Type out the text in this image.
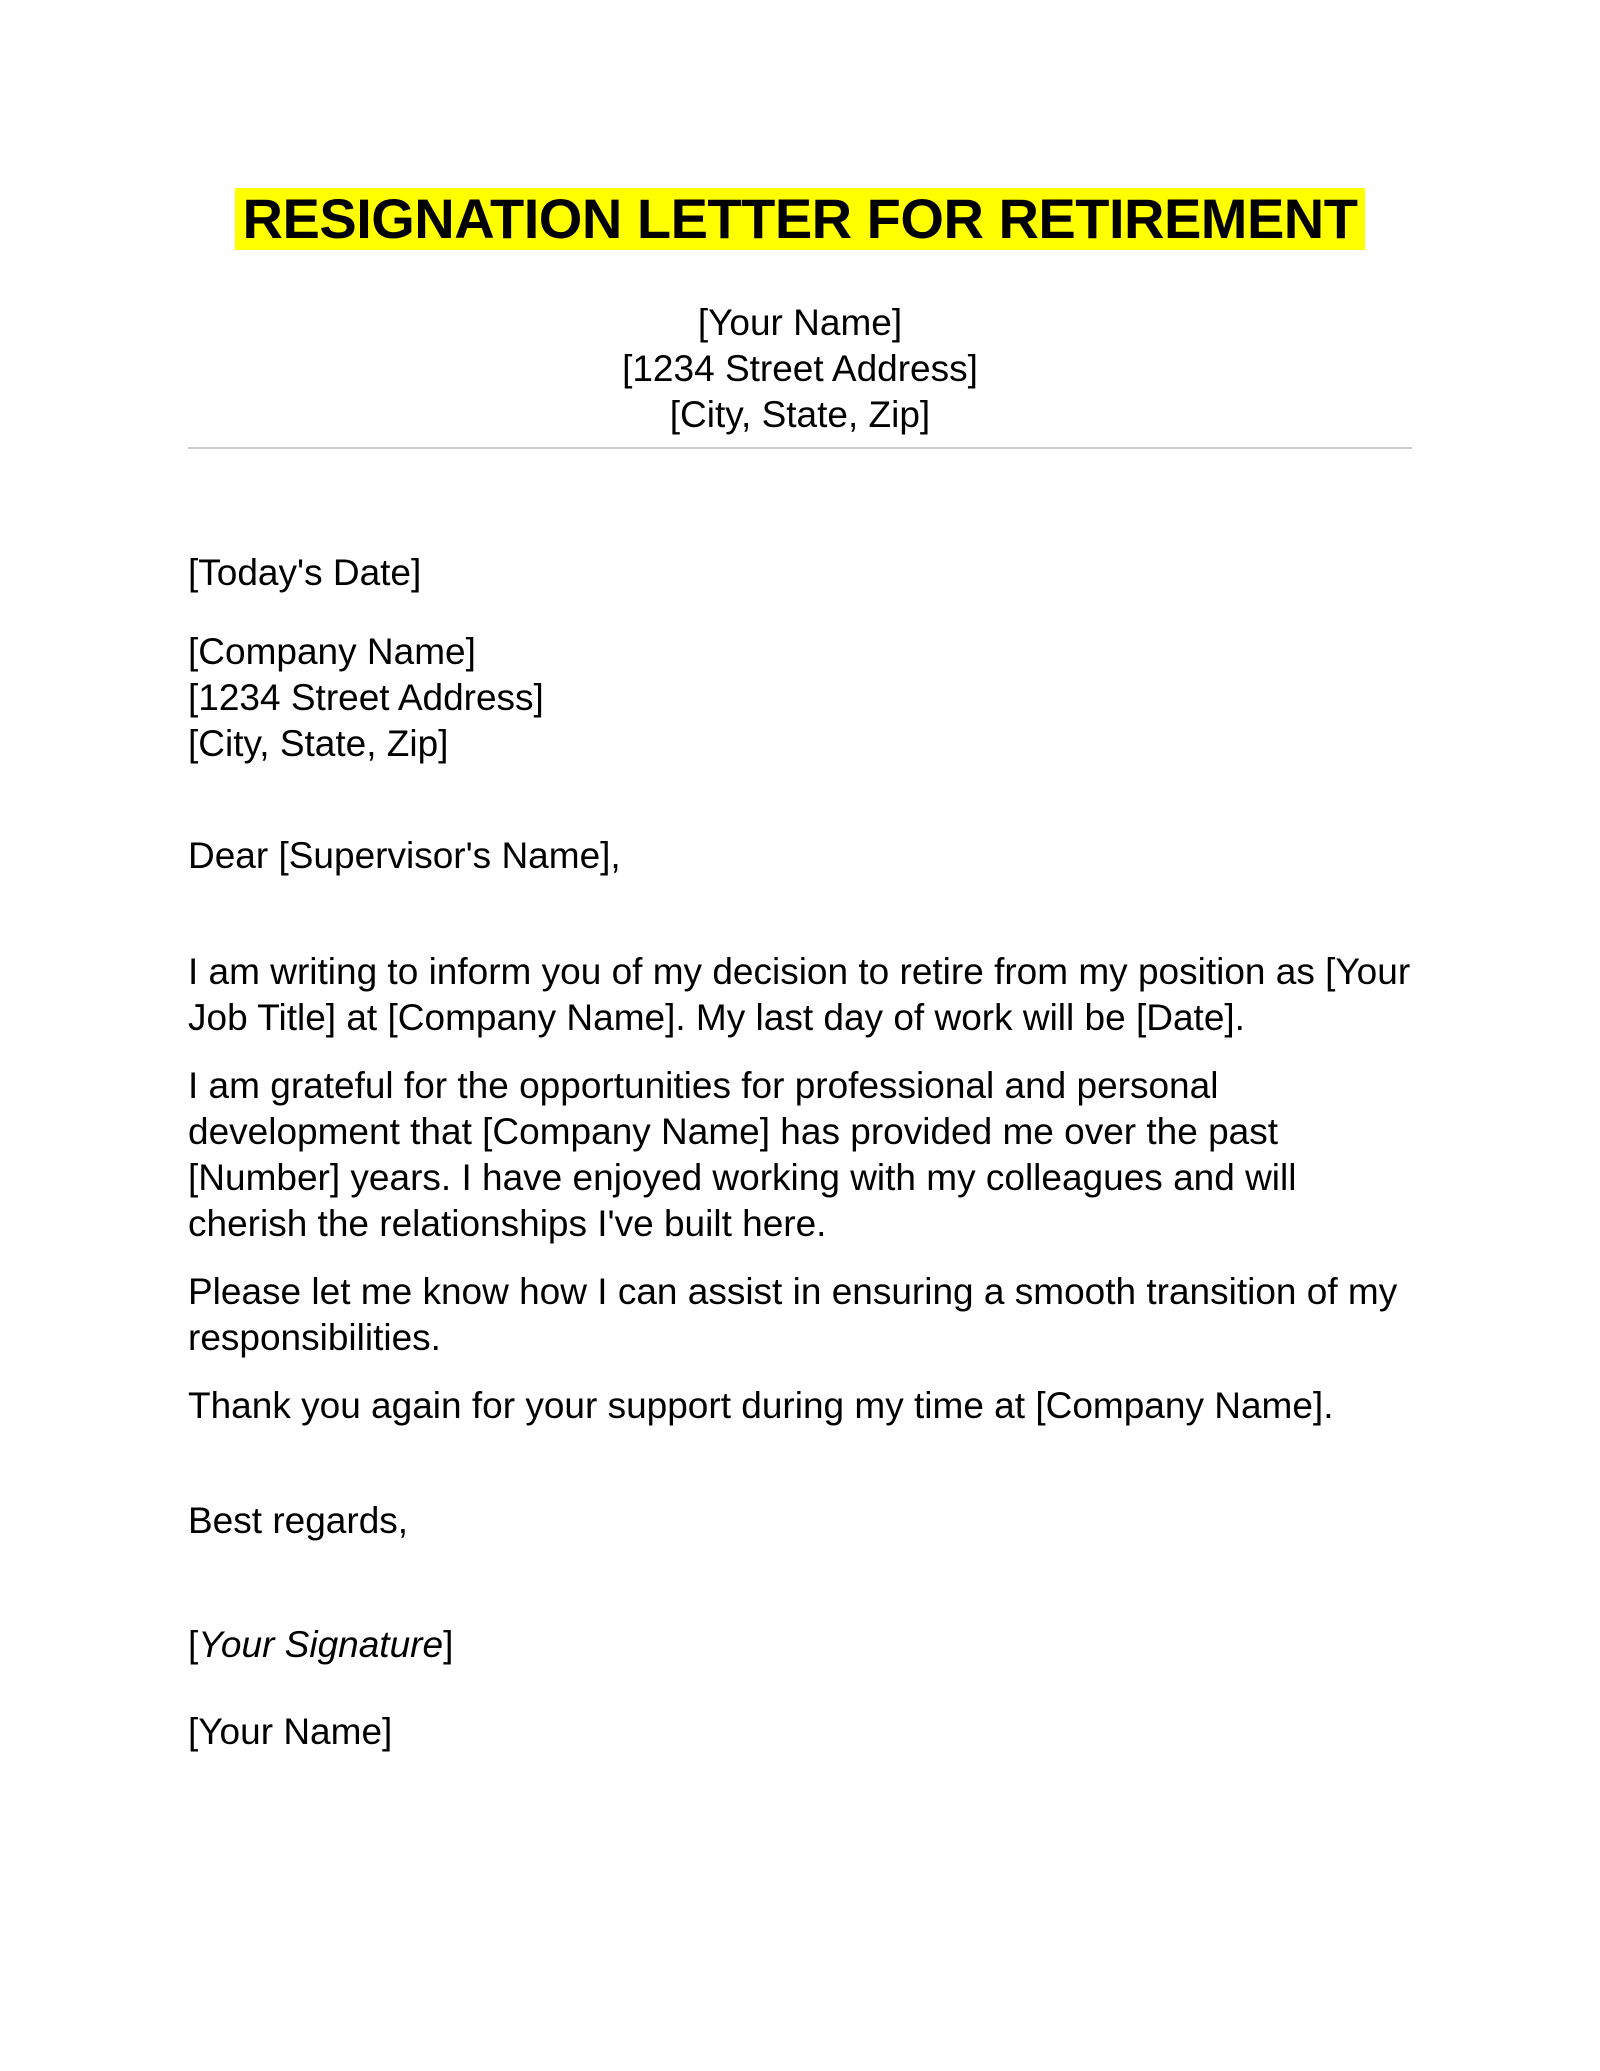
RESIGNATION LETTER FOR RETIREMENT
[Your Name]
[1234 Street Address]
[City, State, Zip]

[Today's Date]

[Company Name]
[1234 Street Address]
[City, State, Zip]

Dear [Supervisor's Name],

I am writing to inform you of my decision to retire from my position as [Your Job Title] at [Company Name]. My last day of work will be [Date].

I am grateful for the opportunities for professional and personal development that [Company Name] has provided me over the past [Number] years. I have enjoyed working with my colleagues and will cherish the relationships I've built here.

Please let me know how I can assist in ensuring a smooth transition of my responsibilities.

Thank you again for your support during my time at [Company Name].

Best regards,

[Your Signature]

[Your Name]
